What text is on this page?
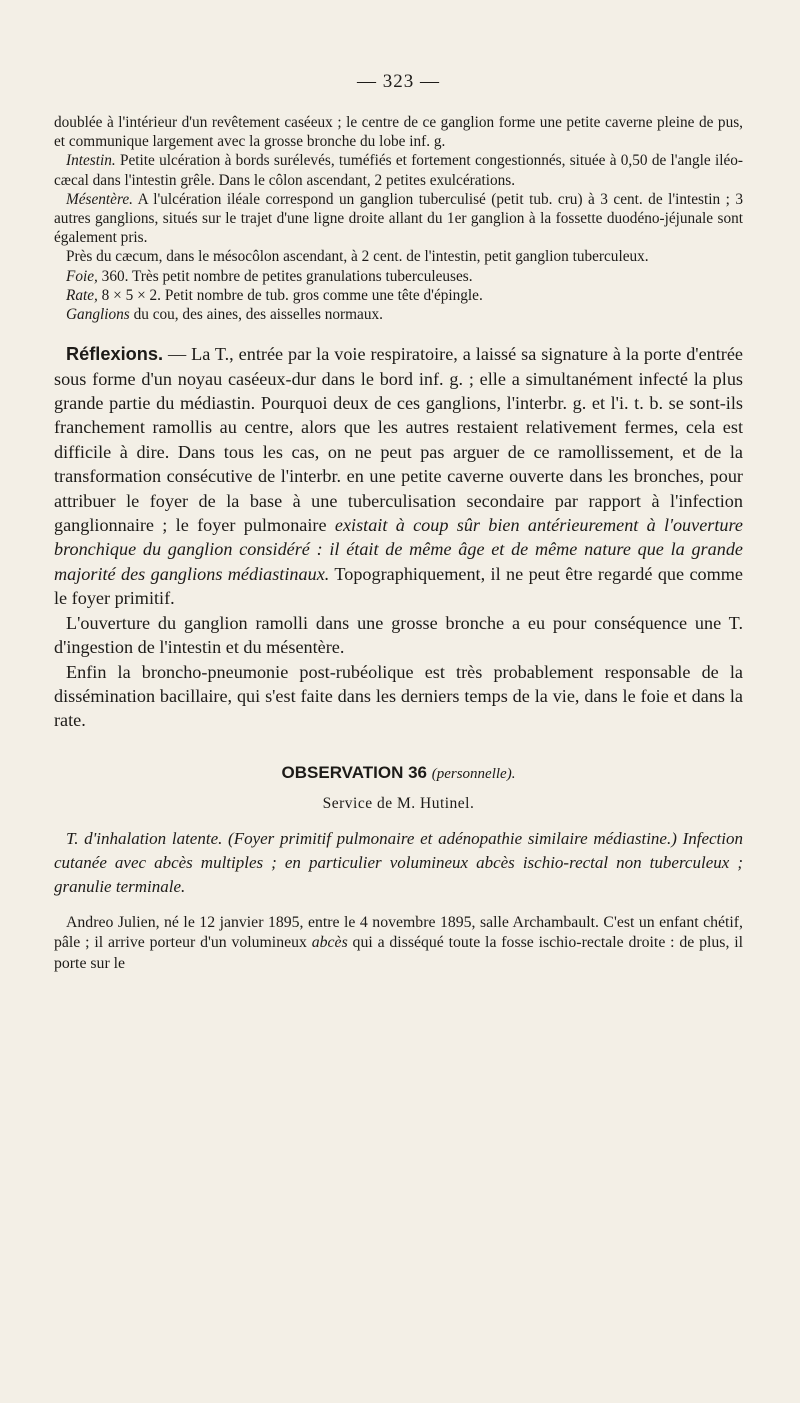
— 323 —

doublée à l'intérieur d'un revêtement caséeux ; le centre de ce ganglion forme une petite caverne pleine de pus, et communique largement avec la grosse bronche du lobe inf. g.

Intestin. Petite ulcération à bords surélevés, tuméfiés et fortement congestionnés, située à 0,50 de l'angle iléo-cæcal dans l'intestin grêle. Dans le côlon ascendant, 2 petites exulcérations.

Mésentère. A l'ulcération iléale correspond un ganglion tuberculisé (petit tub. cru) à 3 cent. de l'intestin ; 3 autres ganglions, situés sur le trajet d'une ligne droite allant du 1er ganglion à la fossette duodéno-jéjunale sont également pris.

Près du cæcum, dans le mésocôlon ascendant, à 2 cent. de l'intestin, petit ganglion tuberculeux.

Foie, 360. Très petit nombre de petites granulations tuberculeuses.

Rate, 8 × 5 × 2. Petit nombre de tub. gros comme une tête d'épingle.

Ganglions du cou, des aines, des aisselles normaux.

Réflexions. — La T., entrée par la voie respiratoire, a laissé sa signature à la porte d'entrée sous forme d'un noyau caséeux-dur dans le bord inf. g. ; elle a simultanément infecté la plus grande partie du médiastin. Pourquoi deux de ces ganglions, l'interbr. g. et l'i. t. b. se sont-ils franchement ramollis au centre, alors que les autres restaient relativement fermes, cela est difficile à dire. Dans tous les cas, on ne peut pas arguer de ce ramollissement, et de la transformation consécutive de l'interbr. en une petite caverne ouverte dans les bronches, pour attribuer le foyer de la base à une tuberculisation secondaire par rapport à l'infection ganglionnaire ; le foyer pulmonaire existait à coup sûr bien antérieurement à l'ouverture bronchique du ganglion considéré : il était de même âge et de même nature que la grande majorité des ganglions médiastinaux. Topographiquement, il ne peut être regardé que comme le foyer primitif.

L'ouverture du ganglion ramolli dans une grosse bronche a eu pour conséquence une T. d'ingestion de l'intestin et du mésentère.

Enfin la broncho-pneumonie post-rubéolique est très probablement responsable de la dissémination bacillaire, qui s'est faite dans les derniers temps de la vie, dans le foie et dans la rate.

OBSERVATION 36 (personnelle).

Service de M. Hutinel.

T. d'inhalation latente. (Foyer primitif pulmonaire et adénopathie similaire médiastine.) Infection cutanée avec abcès multiples ; en particulier volumineux abcès ischio-rectal non tuberculeux ; granulie terminale.

Andreo Julien, né le 12 janvier 1895, entre le 4 novembre 1895, salle Archambault. C'est un enfant chétif, pâle ; il arrive porteur d'un volumineux abcès qui a disséqué toute la fosse ischio-rectale droite : de plus, il porte sur le
